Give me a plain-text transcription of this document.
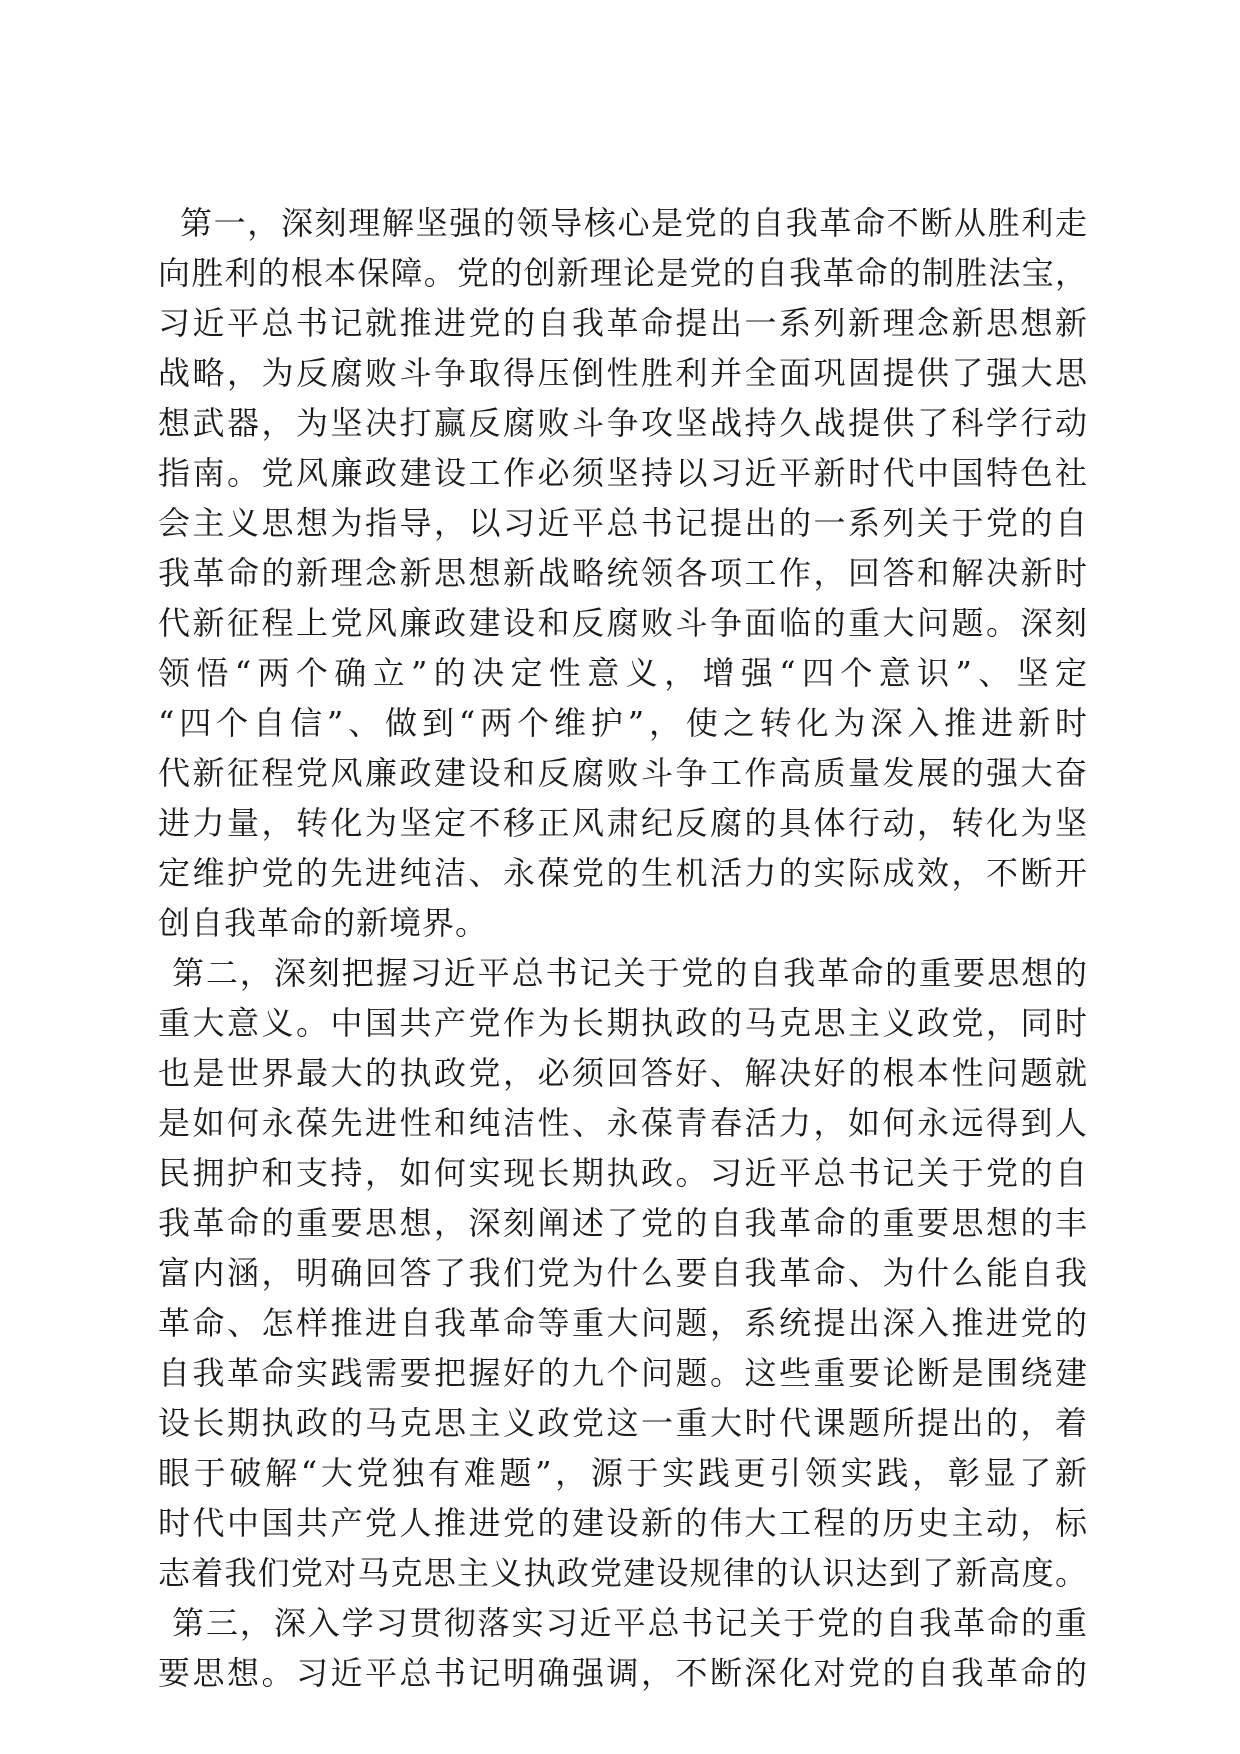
第一，深刻理解坚强的领导核心是党的自我革命不断从胜利走
向胜利的根本保障。党的创新理论是党的自我革命的制胜法宝，
习近平总书记就推进党的自我革命提出一系列新理念新思想新
战略，为反腐败斗争取得压倒性胜利并全面巩固提供了强大思
想武器，为坚决打赢反腐败斗争攻坚战持久战提供了科学行动
指南。党风廉政建设工作必须坚持以习近平新时代中国特色社
会主义思想为指导，以习近平总书记提出的一系列关于党的自
我革命的新理念新思想新战略统领各项工作，回答和解决新时
代新征程上党风廉政建设和反腐败斗争面临的重大问题。深刻
领悟“两个确立”的决定性意义，增强“四个意识”、坚定
“四个自信”、做到“两个维护”，使之转化为深入推进新时
代新征程党风廉政建设和反腐败斗争工作高质量发展的强大奋
进力量，转化为坚定不移正风肃纪反腐的具体行动，转化为坚
定维护党的先进纯洁、永葆党的生机活力的实际成效，不断开
创自我革命的新境界。
第二，深刻把握习近平总书记关于党的自我革命的重要思想的
重大意义。中国共产党作为长期执政的马克思主义政党，同时
也是世界最大的执政党，必须回答好、解决好的根本性问题就
是如何永葆先进性和纯洁性、永葆青春活力，如何永远得到人
民拥护和支持，如何实现长期执政。习近平总书记关于党的自
我革命的重要思想，深刻阐述了党的自我革命的重要思想的丰
富内涵，明确回答了我们党为什么要自我革命、为什么能自我
革命、怎样推进自我革命等重大问题，系统提出深入推进党的
自我革命实践需要把握好的九个问题。这些重要论断是围绕建
设长期执政的马克思主义政党这一重大时代课题所提出的，着
眼于破解“大党独有难题”，源于实践更引领实践，彰显了新
时代中国共产党人推进党的建设新的伟大工程的历史主动，标
志着我们党对马克思主义执政党建设规律的认识达到了新高度。
第三，深入学习贯彻落实习近平总书记关于党的自我革命的重
要思想。习近平总书记明确强调，不断深化对党的自我革命的
